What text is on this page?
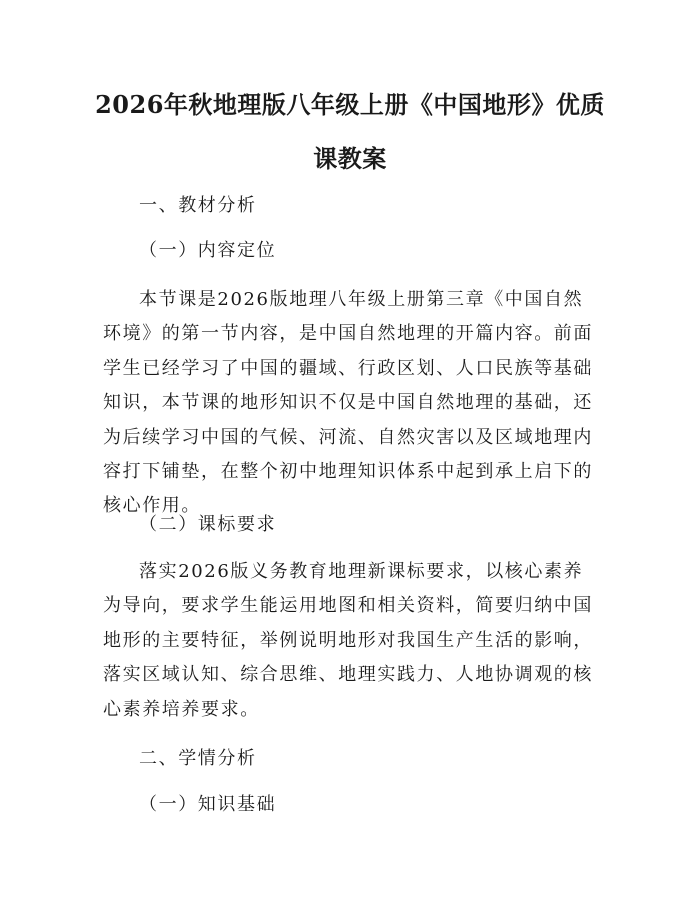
2026年秋地理版八年级上册《中国地形》优质课教案

一、教材分析

（一）内容定位

本节课是2026版地理八年级上册第三章《中国自然环境》的第一节内容，是中国自然地理的开篇内容。前面学生已经学习了中国的疆域、行政区划、人口民族等基础知识，本节课的地形知识不仅是中国自然地理的基础，还为后续学习中国的气候、河流、自然灾害以及区域地理内容打下铺垫，在整个初中地理知识体系中起到承上启下的核心作用。

（二）课标要求

落实2026版义务教育地理新课标要求，以核心素养为导向，要求学生能运用地图和相关资料，简要归纳中国地形的主要特征，举例说明地形对我国生产生活的影响，落实区域认知、综合思维、地理实践力、人地协调观的核心素养培养要求。

二、学情分析

（一）知识基础
